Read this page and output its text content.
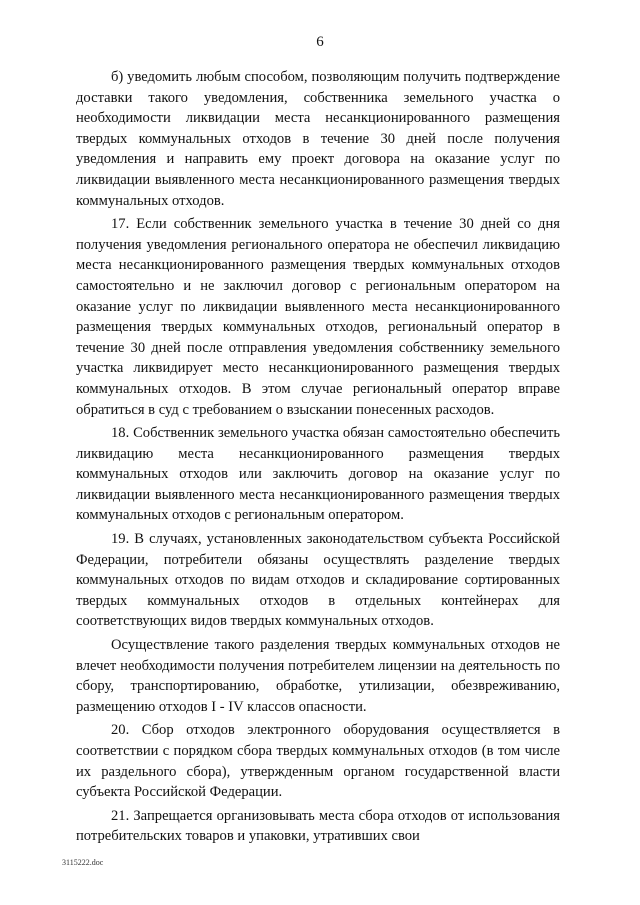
6

б) уведомить любым способом, позволяющим получить подтверждение доставки такого уведомления, собственника земельного участка о необходимости ликвидации места несанкционированного размещения твердых коммунальных отходов в течение 30 дней после получения уведомления и направить ему проект договора на оказание услуг по ликвидации выявленного места несанкционированного размещения твердых коммунальных отходов.

17. Если собственник земельного участка в течение 30 дней со дня получения уведомления регионального оператора не обеспечил ликвидацию места несанкционированного размещения твердых коммунальных отходов самостоятельно и не заключил договор с региональным оператором на оказание услуг по ликвидации выявленного места несанкционированного размещения твердых коммунальных отходов, региональный оператор в течение 30 дней после отправления уведомления собственнику земельного участка ликвидирует место несанкционированного размещения твердых коммунальных отходов. В этом случае региональный оператор вправе обратиться в суд с требованием о взыскании понесенных расходов.

18. Собственник земельного участка обязан самостоятельно обеспечить ликвидацию места несанкционированного размещения твердых коммунальных отходов или заключить договор на оказание услуг по ликвидации выявленного места несанкционированного размещения твердых коммунальных отходов с региональным оператором.

19. В случаях, установленных законодательством субъекта Российской Федерации, потребители обязаны осуществлять разделение твердых коммунальных отходов по видам отходов и складирование сортированных твердых коммунальных отходов в отдельных контейнерах для соответствующих видов твердых коммунальных отходов.

Осуществление такого разделения твердых коммунальных отходов не влечет необходимости получения потребителем лицензии на деятельность по сбору, транспортированию, обработке, утилизации, обезвреживанию, размещению отходов I - IV классов опасности.

20. Сбор отходов электронного оборудования осуществляется в соответствии с порядком сбора твердых коммунальных отходов (в том числе их раздельного сбора), утвержденным органом государственной власти субъекта Российской Федерации.

21. Запрещается организовывать места сбора отходов от использования потребительских товаров и упаковки, утративших свои

3115222.doc
